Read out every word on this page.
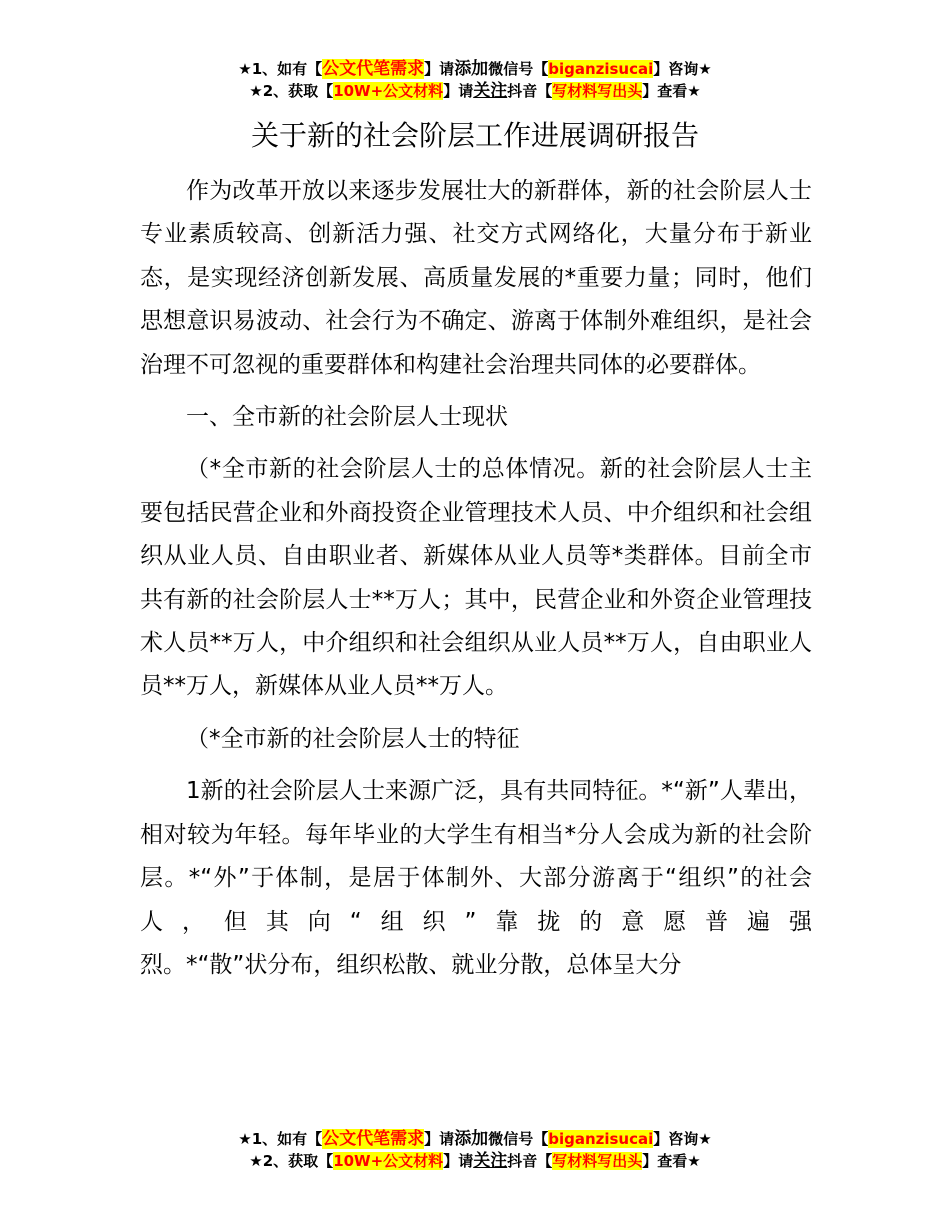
★1、如有【公文代笔需求】请添加微信号【biganzisucai】咨询★
★2、获取【10W+公文材料】请关注抖音【写材料写出头】查看★
关于新的社会阶层工作进展调研报告

作为改革开放以来逐步发展壮大的新群体，新的社会阶层人士专业素质较高、创新活力强、社交方式网络化，大量分布于新业态，是实现经济创新发展、高质量发展的*重要力量；同时，他们思想意识易波动、社会行为不确定、游离于体制外难组织，是社会治理不可忽视的重要群体和构建社会治理共同体的必要群体。

一、全市新的社会阶层人士现状

（*全市新的社会阶层人士的总体情况。新的社会阶层人士主要包括民营企业和外商投资企业管理技术人员、中介组织和社会组织从业人员、自由职业者、新媒体从业人员等*类群体。目前全市共有新的社会阶层人士**万人；其中，民营企业和外资企业管理技术人员**万人，中介组织和社会组织从业人员**万人，自由职业人员**万人，新媒体从业人员**万人。

（*全市新的社会阶层人士的特征

1新的社会阶层人士来源广泛，具有共同特征。*“新”人辈出，相对较为年轻。每年毕业的大学生有相当*分人会成为新的社会阶层。*“外”于体制，是居于体制外、大部分游离于“组织”的社会人，但其向“组织”靠拢的意愿普遍强

烈。*“散”状分布，组织松散、就业分散，总体呈大分

★1、如有【公文代笔需求】请添加微信号【biganzisucai】咨询★
★2、获取【10W+公文材料】请关注抖音【写材料写出头】查看★
